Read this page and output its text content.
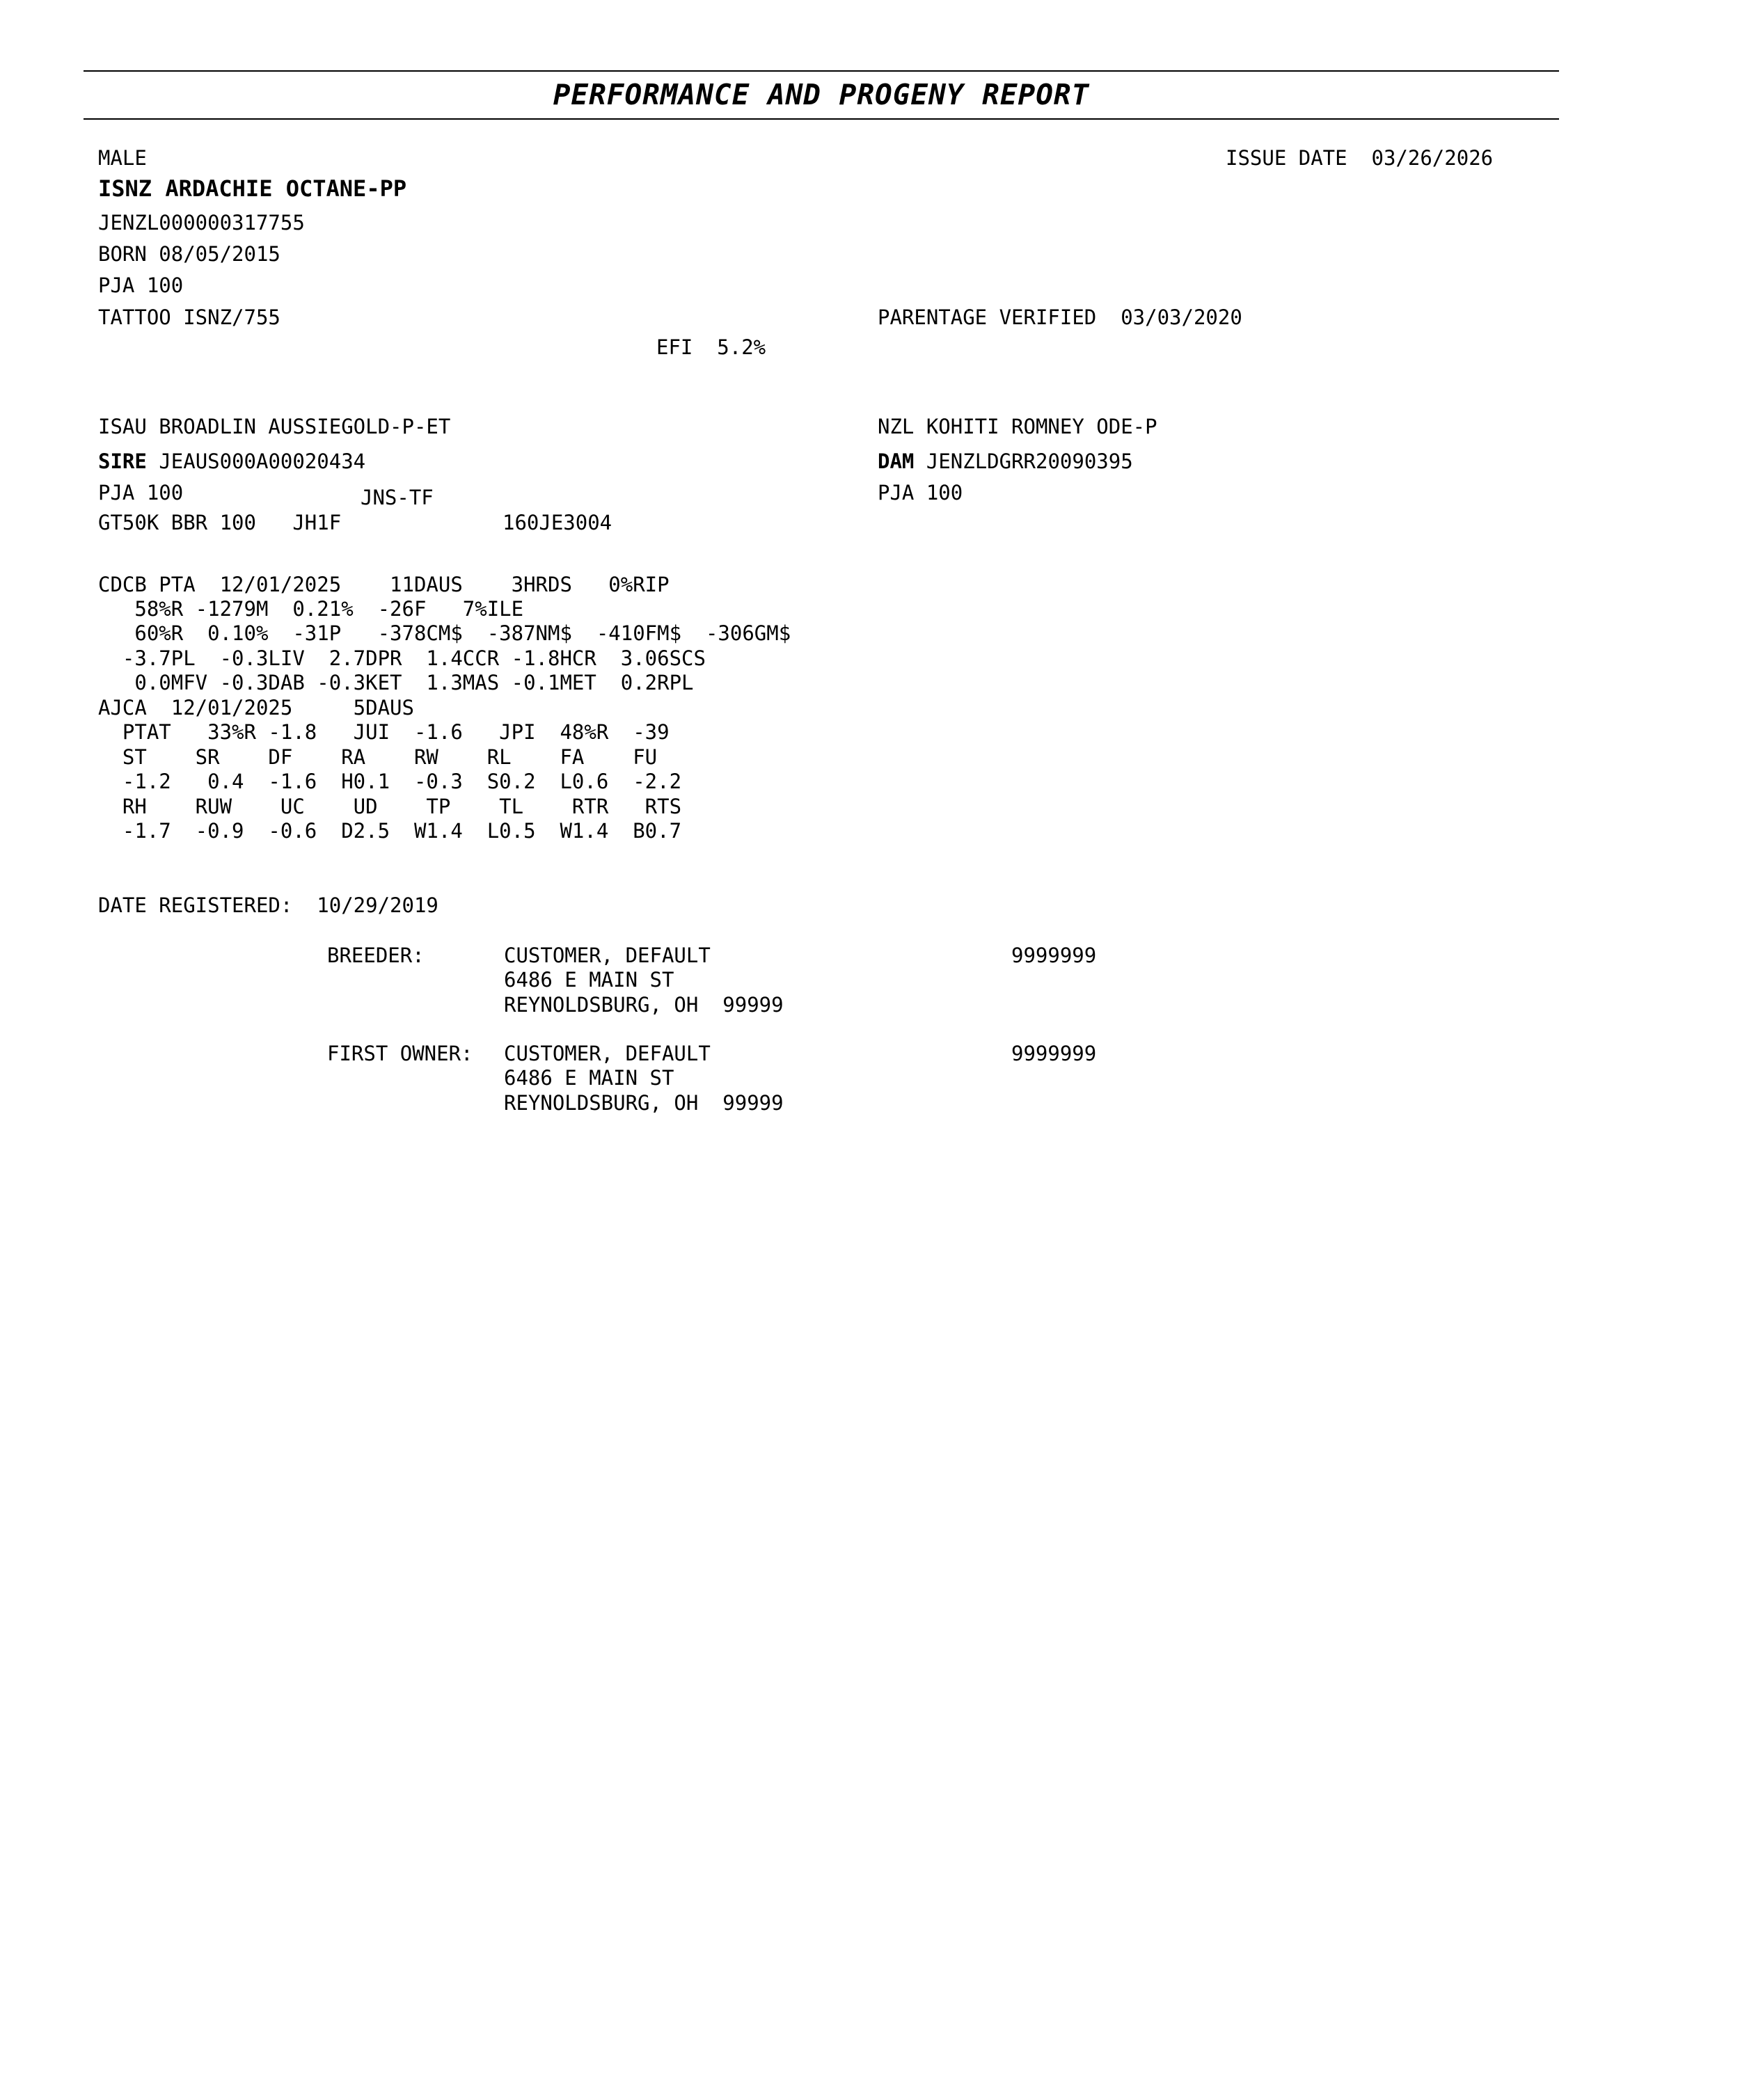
PERFORMANCE AND PROGENY REPORT
MALE	ISSUE DATE  03/26/2026
ISNZ ARDACHIE OCTANE-PP
JENZL000000317755
BORN 08/05/2015
PJA 100
TATTOO ISNZ/755	PARENTAGE VERIFIED  03/03/2020
EFI  5.2%
ISAU BROADLIN AUSSIEGOLD-P-ET
SIRE JEAUS000A00020434
PJA 100	JNS-TF
GT50K BBR 100   JH1F	160JE3004
NZL KOHITI ROMNEY ODE-P
DAM JENZLDGRR20090395
PJA 100
CDCB PTA  12/01/2025    11DAUS    3HRDS   0%RIP
58%R -1279M  0.21%  -26F   7%ILE
60%R  0.10%  -31P   -378CM$  -387NM$  -410FM$  -306GM$
-3.7PL  -0.3LIV  2.7DPR  1.4CCR -1.8HCR  3.06SCS
0.0MFV -0.3DAB -0.3KET  1.3MAS -0.1MET  0.2RPL
AJCA  12/01/2025     5DAUS
PTAT   33%R -1.8   JUI  -1.6   JPI  48%R  -39
ST    SR    DF    RA    RW    RL    FA    FU
-1.2   0.4  -1.6  H0.1  -0.3  S0.2  L0.6  -2.2
RH    RUW    UC    UD    TP    TL    RTR   RTS
-1.7  -0.9  -0.6  D2.5  W1.4  L0.5  W1.4  B0.7
DATE REGISTERED:  10/29/2019
BREEDER:	CUSTOMER, DEFAULT
6486 E MAIN ST
REYNOLDSBURG, OH  99999
9999999
FIRST OWNER: CUSTOMER, DEFAULT
6486 E MAIN ST
REYNOLDSBURG, OH  99999
9999999
